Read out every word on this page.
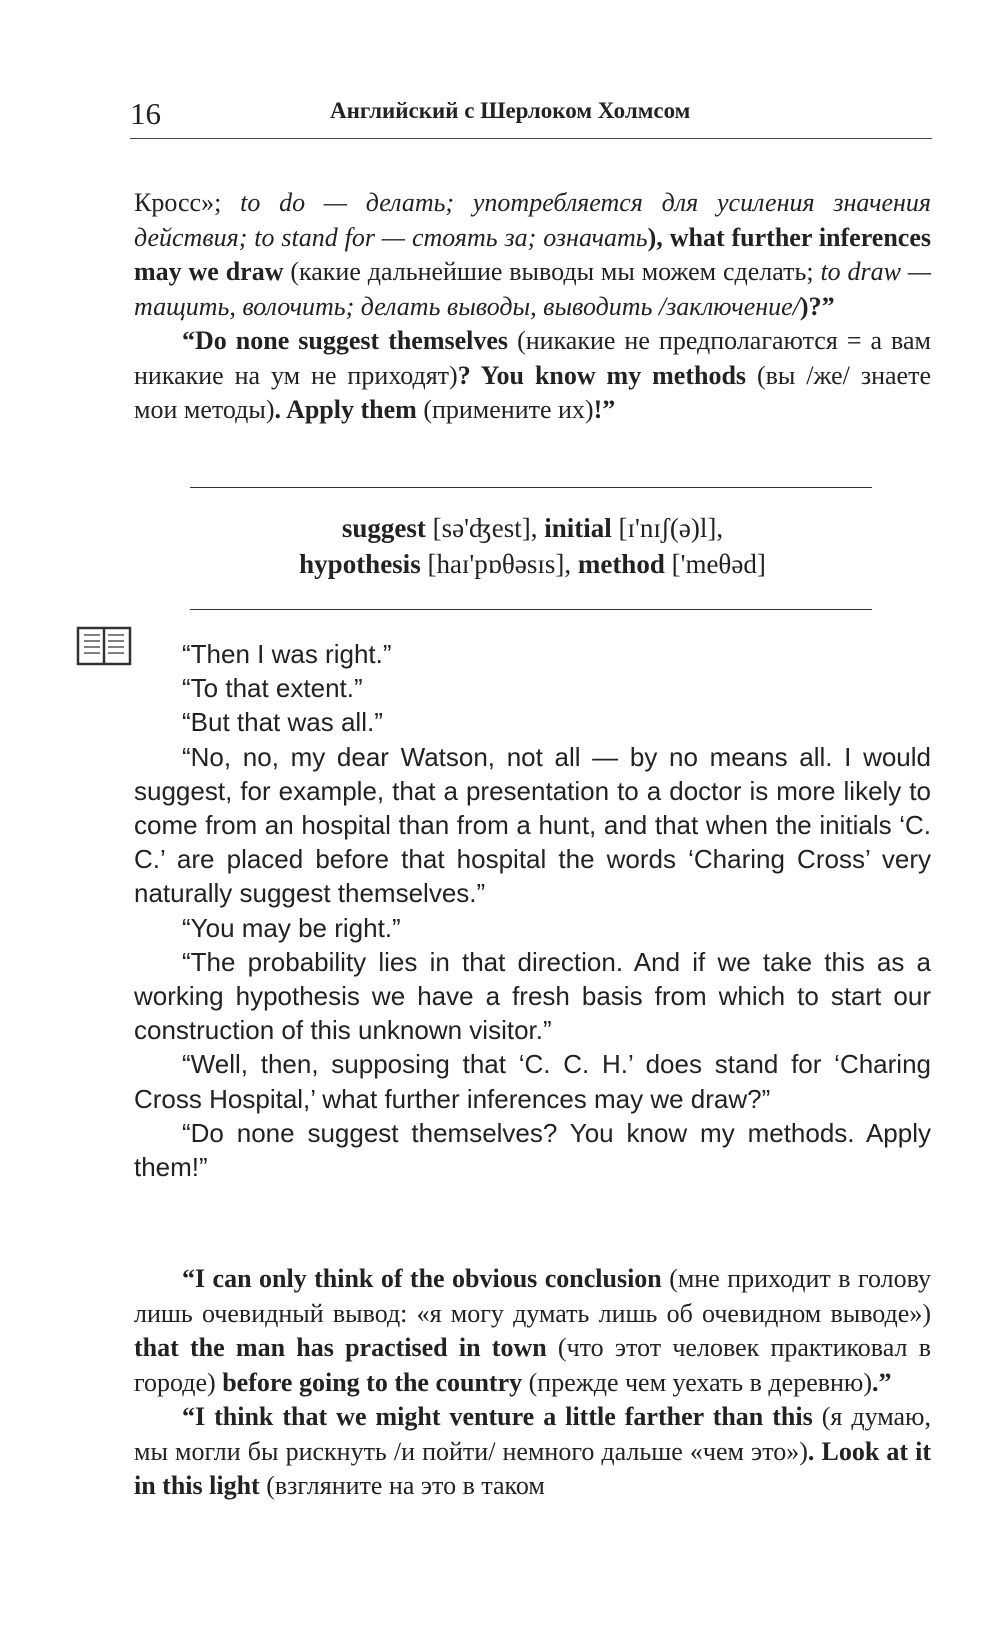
16	Английский с Шерлоком Холмсом

Кросс»; to do — делать; употребляется для усиления значения действия; to stand for — стоять за; означать), what further inferences may we draw (какие дальнейшие выводы мы можем сделать; to draw — тащить, волочить; делать выводы, выводить /заключение/)?”

“Do none suggest themselves (никакие не предполагаются = а вам никакие на ум не приходят)? You know my methods (вы /же/ знаете мои методы). Apply them (примените их)!”

suggest [sə'ʤest], initial [ɪ'nɪʃ(ə)l],
hypothesis [haɪ'pɒθəsɪs], method ['meθəd]

“Then I was right.”

“To that extent.”

“But that was all.”

“No, no, my dear Watson, not all — by no means all. I would suggest, for example, that a presentation to a doctor is more likely to come from an hospital than from a hunt, and that when the initials ‘C. C.’ are placed before that hospital the words ‘Charing Cross’ very naturally suggest themselves.”

“You may be right.”

“The probability lies in that direction. And if we take this as a working hypothesis we have a fresh basis from which to start our construction of this unknown visitor.”

“Well, then, supposing that ‘C. C. H.’ does stand for ‘Charing Cross Hospital,’ what further inferences may we draw?”

“Do none suggest themselves? You know my methods. Apply them!”

“I can only think of the obvious conclusion (мне приходит в голову лишь очевидный вывод: «я могу думать лишь об очевидном выводе») that the man has practised in town (что этот человек практиковал в городе) before going to the country (прежде чем уехать в деревню).”

“I think that we might venture a little farther than this (я думаю, мы могли бы рискнуть /и пойти/ немного дальше «чем это»). Look at it in this light (взгляните на это в таком
